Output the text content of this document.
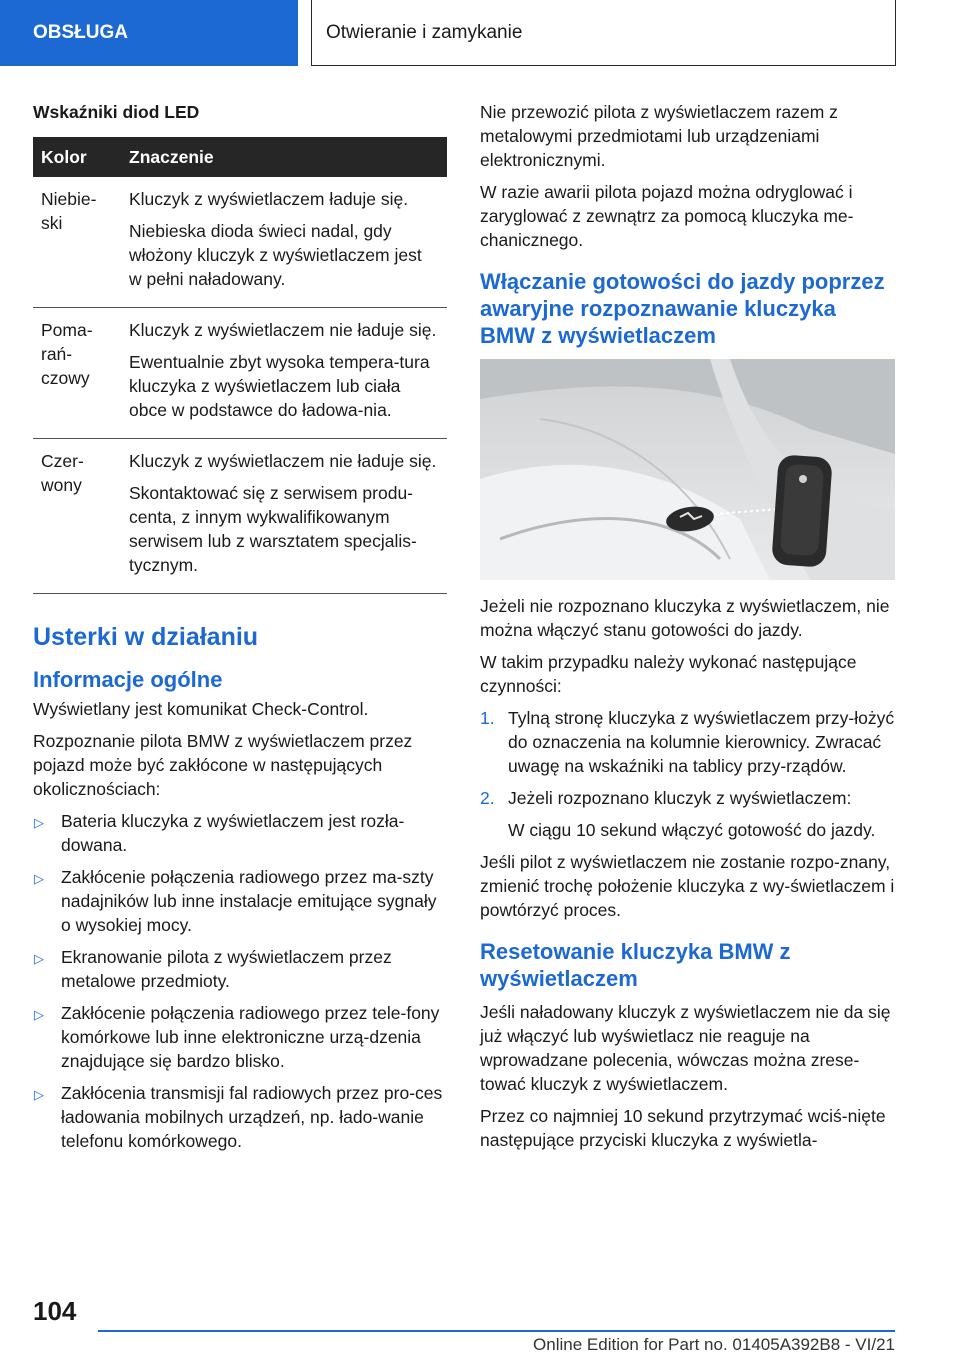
OBSŁUGA	Otwieranie i zamykanie
Wskaźniki diod LED
Kolor	Znaczenie

Niebie-ski	Kluczyk z wyświetlaczem ładuje się.

Niebieska dioda świeci nadal, gdy włożony kluczyk z wyświetlaczem jest w pełni naładowany.

Poma-rań-czowy	Kluczyk z wyświetlaczem nie ładuje się.

Ewentualnie zbyt wysoka tempera-tura kluczyka z wyświetlaczem lub ciała obce w podstawce do ładowa-nia.

Czer-wony	Kluczyk z wyświetlaczem nie ładuje się.

Skontaktować się z serwisem produ-centa, z innym wykwalifikowanym serwisem lub z warsztatem specjalis-tycznym.

Usterki w działaniu
Informacje ogólne

Wyświetlany jest komunikat Check-Control.

Rozpoznanie pilota BMW z wyświetlaczem przez pojazd może być zakłócone w następujących okolicznościach:

▷ Bateria kluczyka z wyświetlaczem jest rozła-dowana.
▷ Zakłócenie połączenia radiowego przez ma-szty nadajników lub inne instalacje emitujące sygnały o wysokiej mocy.
▷ Ekranowanie pilota z wyświetlaczem przez metalowe przedmioty.
▷ Zakłócenie połączenia radiowego przez tele-fony komórkowe lub inne elektroniczne urzą-dzenia znajdujące się bardzo blisko.
▷ Zakłócenia transmisji fal radiowych przez pro-ces ładowania mobilnych urządzeń, np. łado-wanie telefonu komórkowego.

Nie przewozić pilota z wyświetlaczem razem z metalowymi przedmiotami lub urządzeniami elektronicznymi.

W razie awarii pilota pojazd można odryglować i zaryglować z zewnątrz za pomocą kluczyka me-chanicznego.

Włączanie gotowości do jazdy poprzez awaryjne rozpoznawanie kluczyka BMW z wyświetlaczem

Jeżeli nie rozpoznano kluczyka z wyświetlaczem, nie można włączyć stanu gotowości do jazdy.

W takim przypadku należy wykonać następujące czynności:

1. Tylną stronę kluczyka z wyświetlaczem przy-łożyć do oznaczenia na kolumnie kierownicy. Zwracać uwagę na wskaźniki na tablicy przy-rządów.
2. Jeżeli rozpoznano kluczyk z wyświetlaczem:

W ciągu 10 sekund włączyć gotowość do jazdy.

Jeśli pilot z wyświetlaczem nie zostanie rozpo-znany, zmienić trochę położenie kluczyka z wy-świetlaczem i powtórzyć proces.

Resetowanie kluczyka BMW z wyświetlaczem

Jeśli naładowany kluczyk z wyświetlaczem nie da się już włączyć lub wyświetlacz nie reaguje na wprowadzane polecenia, wówczas można zrese-tować kluczyk z wyświetlaczem.

Przez co najmniej 10 sekund przytrzymać wciś-nięte następujące przyciski kluczyka z wyświetla-

104
Online Edition for Part no. 01405A392B8 - VI/21
